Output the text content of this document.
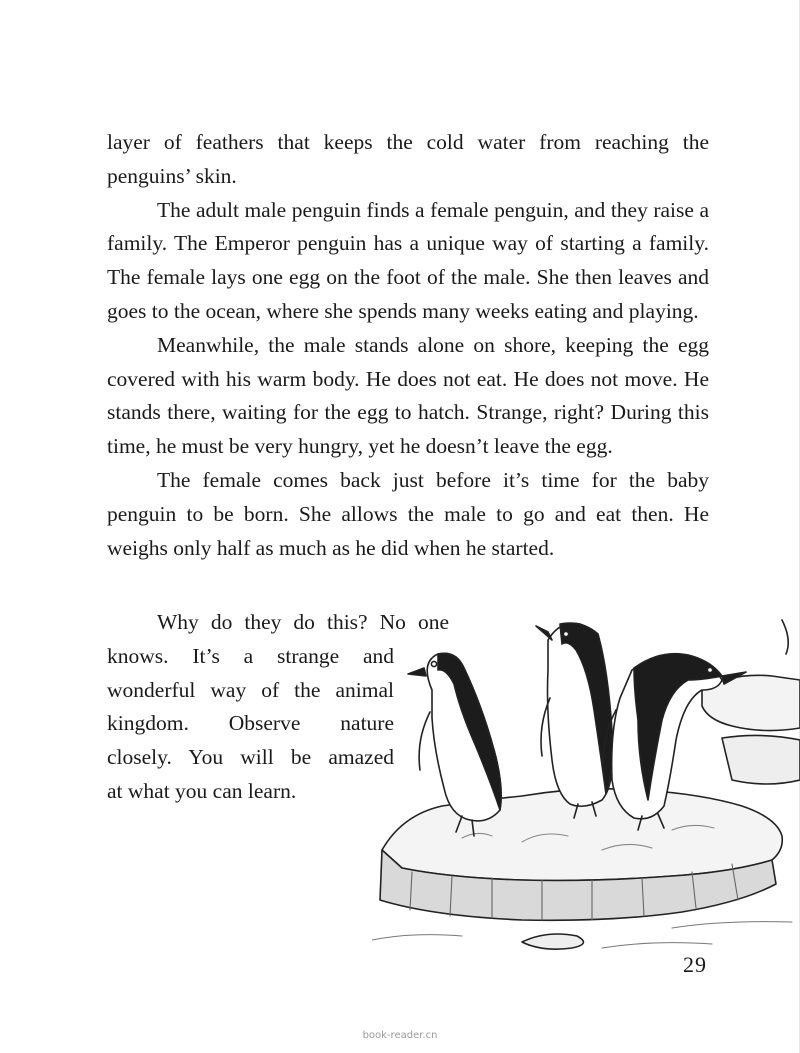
layer of feathers that keeps the cold water from reaching the penguins’ skin.

The adult male penguin finds a female penguin, and they raise a family. The Emperor penguin has a unique way of starting a family. The female lays one egg on the foot of the male. She then leaves and goes to the ocean, where she spends many weeks eating and playing.

Meanwhile, the male stands alone on shore, keeping the egg covered with his warm body. He does not eat. He does not move. He stands there, waiting for the egg to hatch. Strange, right? During this time, he must be very hungry, yet he doesn’t leave the egg.

The female comes back just before it’s time for the baby penguin to be born. She allows the male to go and eat then. He weighs only half as much as he did when he started.

Why do they do this? No one
knows. It’s a strange and
wonderful way of the animal
kingdom. Observe nature
closely. You will be amazed
at what you can learn.

29
book-reader.cn
